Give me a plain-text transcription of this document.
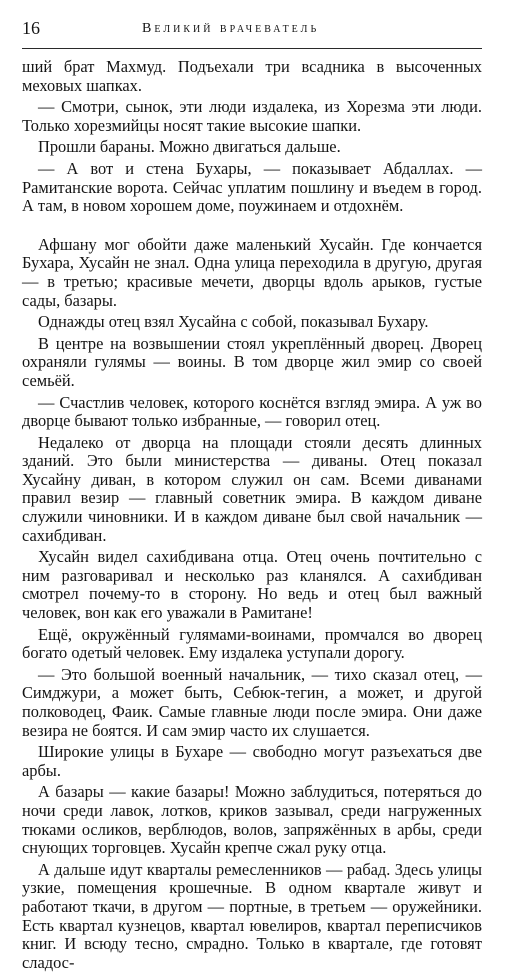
16	Великий врачеватель

ший брат Махмуд. Подъехали три всадника в высоченных меховых шапках.

— Смотри, сынок, эти люди издалека, из Хорезма эти люди. Только хорезмийцы носят такие высокие шапки.

Прошли бараны. Можно двигаться дальше.

— А вот и стена Бухары, — показывает Абдаллах. — Рамитанские ворота. Сейчас уплатим пошлину и въедем в город. А там, в новом хорошем доме, поужинаем и отдохнём.

Афшану мог обойти даже маленький Хусайн. Где кончается Бухара, Хусайн не знал. Одна улица переходила в другую, другая — в третью; красивые мечети, дворцы вдоль арыков, густые сады, базары.

Однажды отец взял Хусайна с собой, показывал Бухару.

В центре на возвышении стоял укреплённый дворец. Дворец охраняли гулямы — воины. В том дворце жил эмир со своей семьёй.

— Счастлив человек, которого коснётся взгляд эмира. А уж во дворце бывают только избранные, — говорил отец.

Недалеко от дворца на площади стояли десять длинных зданий. Это были министерства — диваны. Отец показал Хусайну диван, в котором служил он сам. Всеми диванами правил везир — главный советник эмира. В каждом диване служили чиновники. И в каждом диване был свой начальник — сахибдиван.

Хусайн видел сахибдивана отца. Отец очень почтительно с ним разговаривал и несколько раз кланялся. А сахибдиван смотрел почему-то в сторону. Но ведь и отец был важный человек, вон как его уважали в Рамитане!

Ещё, окружённый гулямами-воинами, промчался во дворец богато одетый человек. Ему издалека уступали дорогу.

— Это большой военный начальник, — тихо сказал отец, — Симджури, а может быть, Себюк-тегин, а может, и другой полководец, Фаик. Самые главные люди после эмира. Они даже везира не боятся. И сам эмир часто их слушается.

Широкие улицы в Бухаре — свободно могут разъехаться две арбы.

А базары — какие базары! Можно заблудиться, потеряться до ночи среди лавок, лотков, криков зазывал, среди нагруженных тюками осликов, верблюдов, волов, запряжённых в арбы, среди снующих торговцев. Хусайн крепче сжал руку отца.

А дальше идут кварталы ремесленников — рабад. Здесь улицы узкие, помещения крошечные. В одном квартале живут и работают ткачи, в другом — портные, в третьем — оружейники. Есть квартал кузнецов, квартал ювелиров, квартал переписчиков книг. И всюду тесно, смрадно. Только в квартале, где готовят сладос-
